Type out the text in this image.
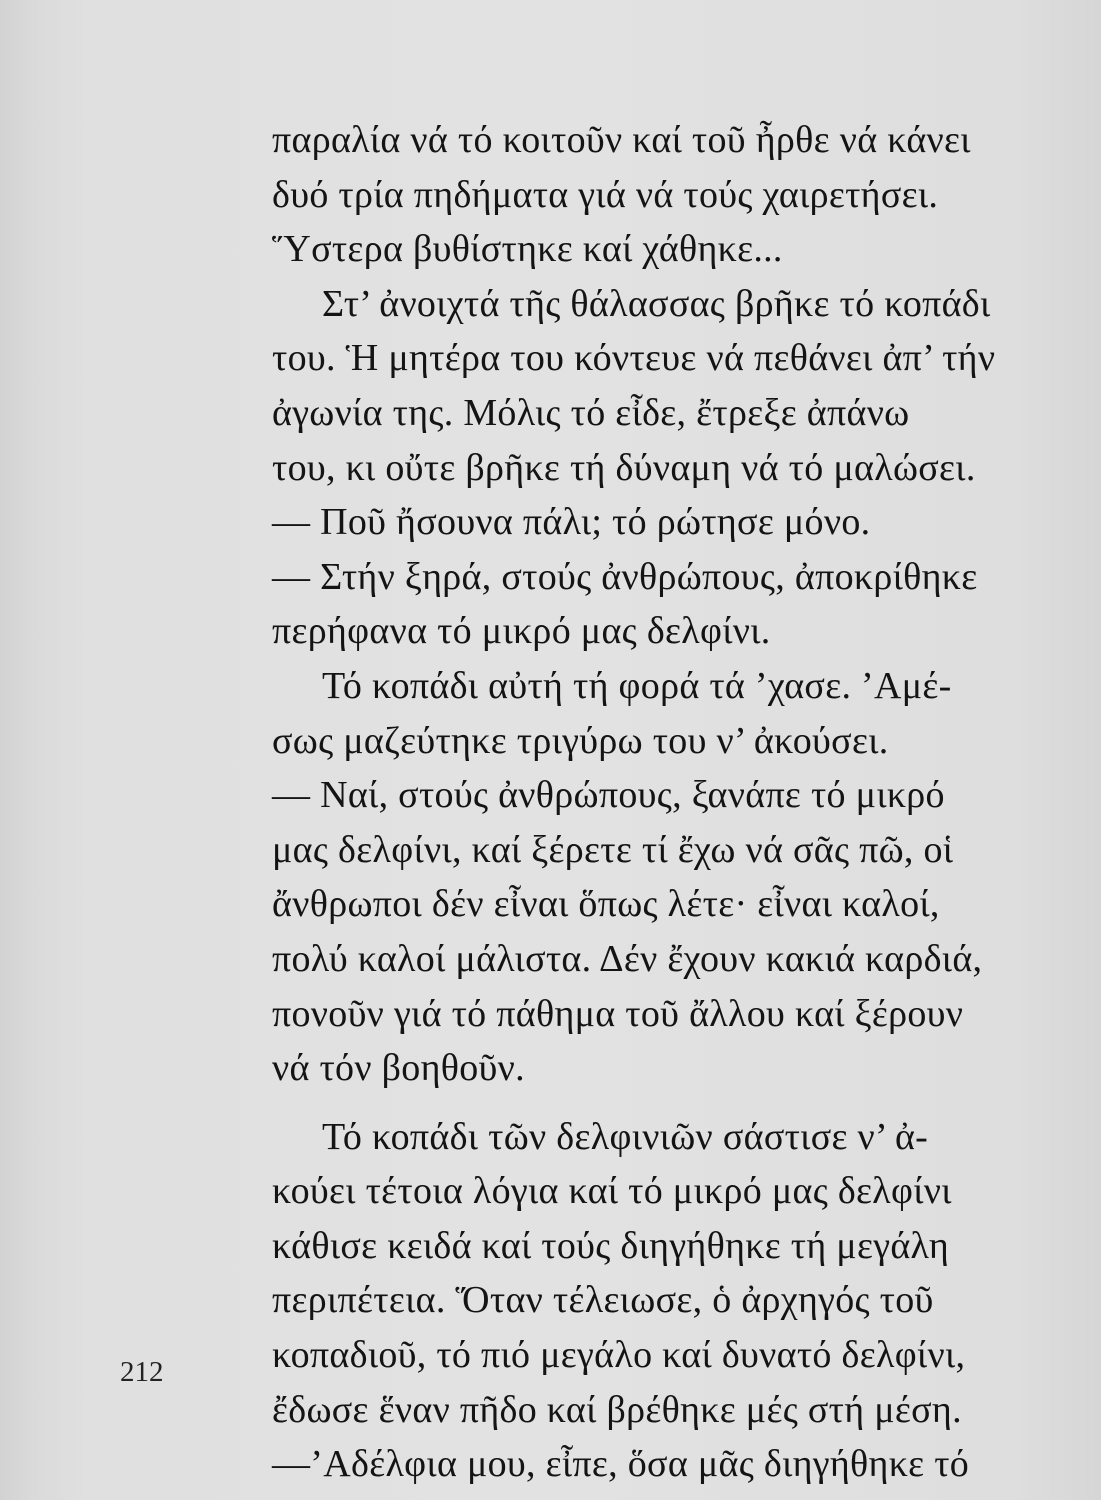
παραλία νά τό κοιτοῦν καί τοῦ ἦρθε νά κάνει
δυό τρία πηδήματα γιά νά τούς χαιρετήσει.
Ὕστερα βυθίστηκε καί χάθηκε...
Στ’ ἀνοιχτά τῆς θάλασσας βρῆκε τό κοπάδι
του. Ἡ μητέρα του κόντευε νά πεθάνει ἀπ’ τήν
ἀγωνία της. Μόλις τό εἶδε, ἔτρεξε ἀπάνω
του, κι οὔτε βρῆκε τή δύναμη νά τό μαλώσει.
— Ποῦ ἤσουνα πάλι; τό ρώτησε μόνο.
— Στήν ξηρά, στούς ἀνθρώπους, ἀποκρίθηκε
περήφανα τό μικρό μας δελφίνι.
Τό κοπάδι αὐτή τή φορά τά ’χασε. ’Αμέ-
σως μαζεύτηκε τριγύρω του ν’ ἀκούσει.
— Ναί, στούς ἀνθρώπους, ξανάπε τό μικρό
μας δελφίνι, καί ξέρετε τί ἔχω νά σᾶς πῶ, οἱ
ἄνθρωποι δέν εἶναι ὅπως λέτε· εἶναι καλοί,
πολύ καλοί μάλιστα. Δέν ἔχουν κακιά καρδιά,
πονοῦν γιά τό πάθημα τοῦ ἄλλου καί ξέρουν
νά τόν βοηθοῦν.
Τό κοπάδι τῶν δελφινιῶν σάστισε ν’ ἀ-
κούει τέτοια λόγια καί τό μικρό μας δελφίνι
κάθισε κειδά καί τούς διηγήθηκε τή μεγάλη
περιπέτεια. Ὅταν τέλειωσε, ὁ ἀρχηγός τοῦ
κοπαδιοῦ, τό πιό μεγάλο καί δυνατό δελφίνι,
ἔδωσε ἕναν πῆδο καί βρέθηκε μές στή μέση.
—’Αδέλφια μου, εἶπε, ὅσα μᾶς διηγήθηκε τό
212
